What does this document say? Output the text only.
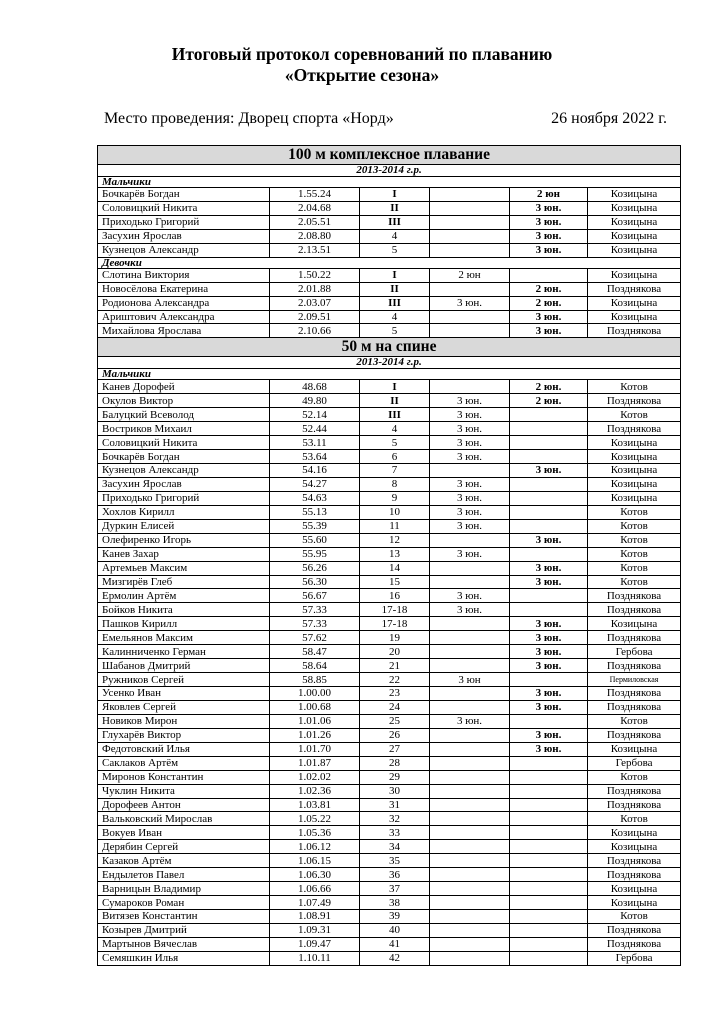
Итоговый протокол соревнований по плаванию
«Открытие сезона»
Место проведения: Дворец спорта «Норд»	26 ноября 2022 г.
100 м комплексное плавание					
2013-2014 г.р.					
Мальчики					
Бочкарёв Богдан	1.55.24	I		2 юн	Козицына
Соловицкий Никита	2.04.68	II		3 юн.	Козицына
Приходько Григорий	2.05.51	III		3 юн.	Козицына
Засухин Ярослав	2.08.80	4		3 юн.	Козицына
Кузнецов Александр	2.13.51	5		3 юн.	Козицына
Девочки					
Слотина Виктория	1.50.22	I	2 юн		Козицына
Новосёлова Екатерина	2.01.88	II		2 юн.	Позднякова
Родионова Александра	2.03.07	III	3 юн.	2 юн.	Козицына
Ариштович Александра	2.09.51	4		3 юн.	Козицына
Михайлова Ярослава	2.10.66	5		3 юн.	Позднякова
50 м на спине					
2013-2014 г.р.					
Мальчики					
Канев Дорофей	48.68	I		2 юн.	Котов
Окулов Виктор	49.80	II	3 юн.	2 юн.	Позднякова
Балуцкий Всеволод	52.14	III	3 юн.		Котов
Востриков Михаил	52.44	4	3 юн.		Позднякова
Соловицкий Никита	53.11	5	3 юн.		Козицына
Бочкарёв Богдан	53.64	6	3 юн.		Козицына
Кузнецов Александр	54.16	7		3 юн.	Козицына
Засухин Ярослав	54.27	8	3 юн.		Козицына
Приходько Григорий	54.63	9	3 юн.		Козицына
Хохлов Кирилл	55.13	10	3 юн.		Котов
Дуркин Елисей	55.39	11	3 юн.		Котов
Олефиренко Игорь	55.60	12		3 юн.	Котов
Канев Захар	55.95	13	3 юн.		Котов
Артемьев Максим	56.26	14		3 юн.	Котов
Мизгирёв Глеб	56.30	15		3 юн.	Котов
Ермолин Артём	56.67	16	3 юн.		Позднякова
Бойков Никита	57.33	17-18	3 юн.		Позднякова
Пашков Кирилл	57.33	17-18		3 юн.	Козицына
Емельянов Максим	57.62	19		3 юн.	Позднякова
Калинниченко Герман	58.47	20		3 юн.	Гербова
Шабанов Дмитрий	58.64	21		3 юн.	Позднякова
Ружников Сергей	58.85	22	3 юн		Пермиловская
Усенко Иван	1.00.00	23		3 юн.	Позднякова
Яковлев Сергей	1.00.68	24		3 юн.	Позднякова
Новиков Мирон	1.01.06	25	3 юн.		Котов
Глухарёв Виктор	1.01.26	26		3 юн.	Позднякова
Федотовский Илья	1.01.70	27		3 юн.	Козицына
Саклаков Артём	1.01.87	28			Гербова
Миронов Константин	1.02.02	29			Котов
Чуклин Никита	1.02.36	30			Позднякова
Дорофеев Антон	1.03.81	31			Позднякова
Вальковский Мирослав	1.05.22	32			Котов
Вокуев Иван	1.05.36	33			Козицына
Дерябин Сергей	1.06.12	34			Козицына
Казаков Артём	1.06.15	35			Позднякова
Ендылетов Павел	1.06.30	36			Позднякова
Варницын Владимир	1.06.66	37			Козицына
Сумароков Роман	1.07.49	38			Козицына
Витязев Константин	1.08.91	39			Котов
Козырев Дмитрий	1.09.31	40			Позднякова
Мартынов Вячеслав	1.09.47	41			Позднякова
Семяшкин Илья	1.10.11	42			Гербова
